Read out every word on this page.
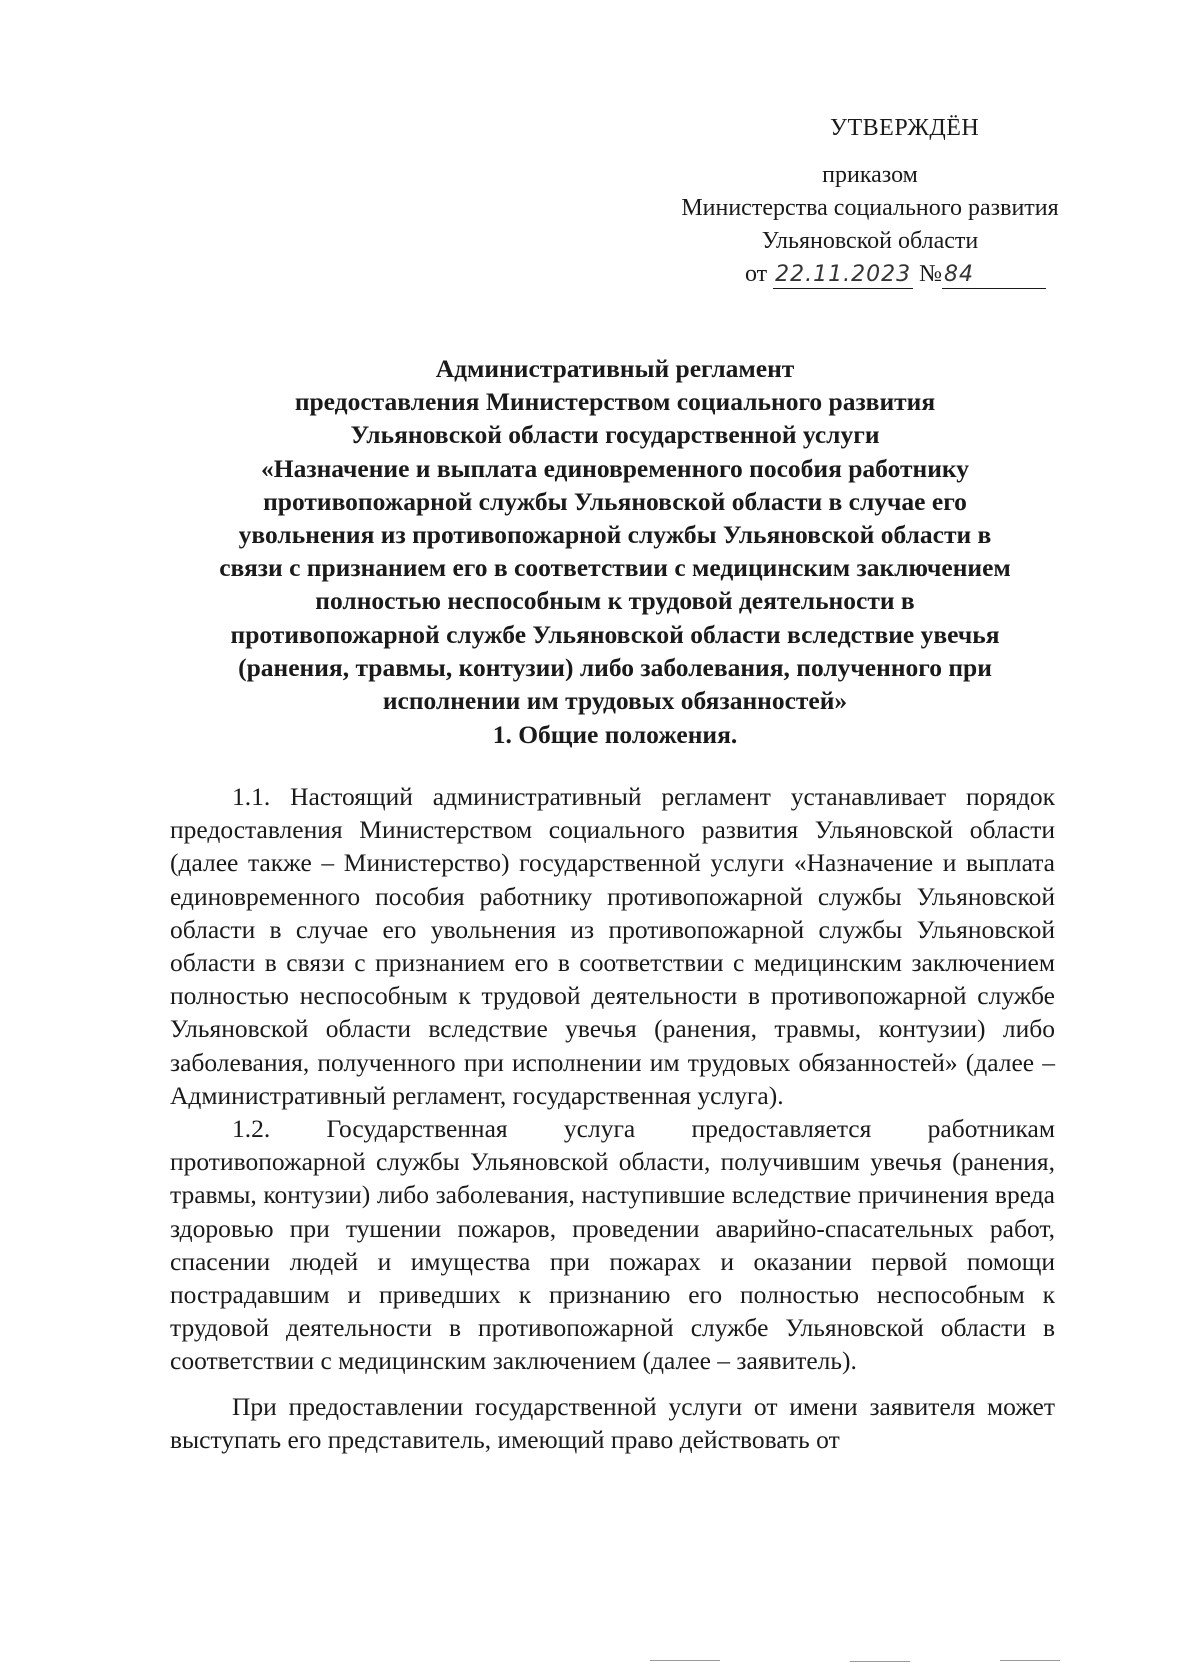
УТВЕРЖДЁН
приказом
Министерства социального развития
Ульяновской области
от 22.11.2023 №84
Административный регламент
предоставления Министерством социального развития
Ульяновской области государственной услуги
«Назначение и выплата единовременного пособия работнику
противопожарной службы Ульяновской области в случае его
увольнения из противопожарной службы Ульяновской области в
связи с признанием его в соответствии с медицинским заключением
полностью неспособным к трудовой деятельности в
противопожарной службе Ульяновской области вследствие увечья
(ранения, травмы, контузии) либо заболевания, полученного при
исполнении им трудовых обязанностей»
1. Общие положения.

1.1. Настоящий административный регламент устанавливает порядок предоставления Министерством социального развития Ульяновской области (далее также – Министерство) государственной услуги «Назначение и выплата единовременного пособия работнику противопожарной службы Ульяновской области в случае его увольнения из противопожарной службы Ульяновской области в связи с признанием его в соответствии с медицинским заключением полностью неспособным к трудовой деятельности в противопожарной службе Ульяновской области вследствие увечья (ранения, травмы, контузии) либо заболевания, полученного при исполнении им трудовых обязанностей» (далее – Административный регламент, государственная услуга).

1.2. Государственная услуга предоставляется работникам противопожарной службы Ульяновской области, получившим увечья (ранения, травмы, контузии) либо заболевания, наступившие вследствие причинения вреда здоровью при тушении пожаров, проведении аварийно-спасательных работ, спасении людей и имущества при пожарах и оказании первой помощи пострадавшим и приведших к признанию его полностью неспособным к трудовой деятельности в противопожарной службе Ульяновской области в соответствии с медицинским заключением (далее – заявитель).

При предоставлении государственной услуги от имени заявителя может выступать его представитель, имеющий право действовать от
